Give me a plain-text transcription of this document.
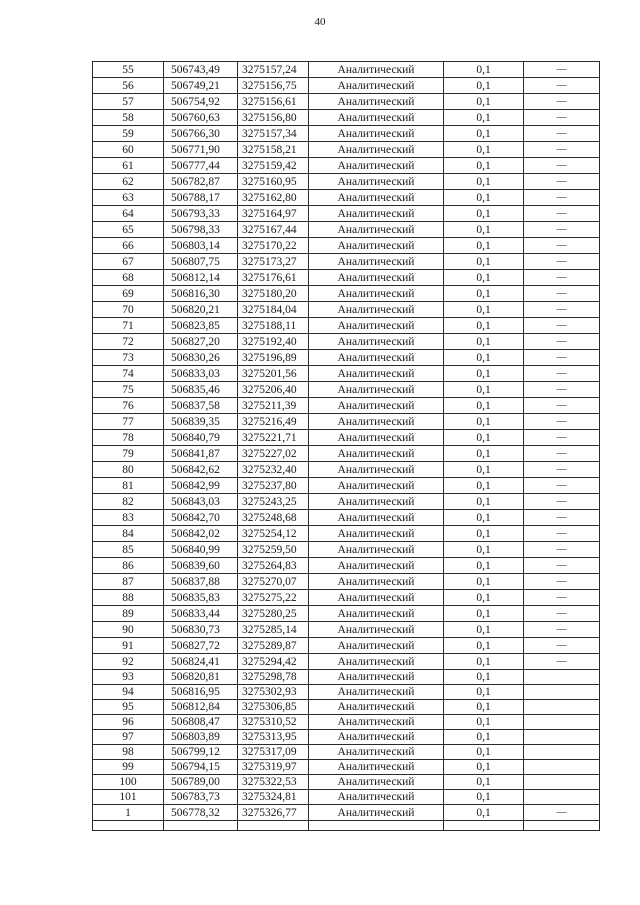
40
55	506743,49	3275157,24	Аналитический	0,1	—
56	506749,21	3275156,75	Аналитический	0,1	—
57	506754,92	3275156,61	Аналитический	0,1	—
58	506760,63	3275156,80	Аналитический	0,1	—
59	506766,30	3275157,34	Аналитический	0,1	—
60	506771,90	3275158,21	Аналитический	0,1	—
61	506777,44	3275159,42	Аналитический	0,1	—
62	506782,87	3275160,95	Аналитический	0,1	—
63	506788,17	3275162,80	Аналитический	0,1	—
64	506793,33	3275164,97	Аналитический	0,1	—
65	506798,33	3275167,44	Аналитический	0,1	—
66	506803,14	3275170,22	Аналитический	0,1	—
67	506807,75	3275173,27	Аналитический	0,1	—
68	506812,14	3275176,61	Аналитический	0,1	—
69	506816,30	3275180,20	Аналитический	0,1	—
70	506820,21	3275184,04	Аналитический	0,1	—
71	506823,85	3275188,11	Аналитический	0,1	—
72	506827,20	3275192,40	Аналитический	0,1	—
73	506830,26	3275196,89	Аналитический	0,1	—
74	506833,03	3275201,56	Аналитический	0,1	—
75	506835,46	3275206,40	Аналитический	0,1	—
76	506837,58	3275211,39	Аналитический	0,1	—
77	506839,35	3275216,49	Аналитический	0,1	—
78	506840,79	3275221,71	Аналитический	0,1	—
79	506841,87	3275227,02	Аналитический	0,1	—
80	506842,62	3275232,40	Аналитический	0,1	—
81	506842,99	3275237,80	Аналитический	0,1	—
82	506843,03	3275243,25	Аналитический	0,1	—
83	506842,70	3275248,68	Аналитический	0,1	—
84	506842,02	3275254,12	Аналитический	0,1	—
85	506840,99	3275259,50	Аналитический	0,1	—
86	506839,60	3275264,83	Аналитический	0,1	—
87	506837,88	3275270,07	Аналитический	0,1	—
88	506835,83	3275275,22	Аналитический	0,1	—
89	506833,44	3275280,25	Аналитический	0,1	—
90	506830,73	3275285,14	Аналитический	0,1	—
91	506827,72	3275289,87	Аналитический	0,1	—
92	506824,41	3275294,42	Аналитический	0,1	—
93	506820,81	3275298,78	Аналитический	0,1	
94	506816,95	3275302,93	Аналитический	0,1	
95	506812,84	3275306,85	Аналитический	0,1	
96	506808,47	3275310,52	Аналитический	0,1	
97	506803,89	3275313,95	Аналитический	0,1	
98	506799,12	3275317,09	Аналитический	0,1	
99	506794,15	3275319,97	Аналитический	0,1	
100	506789,00	3275322,53	Аналитический	0,1	
101	506783,73	3275324,81	Аналитический	0,1	
1	506778,32	3275326,77	Аналитический	0,1	—
